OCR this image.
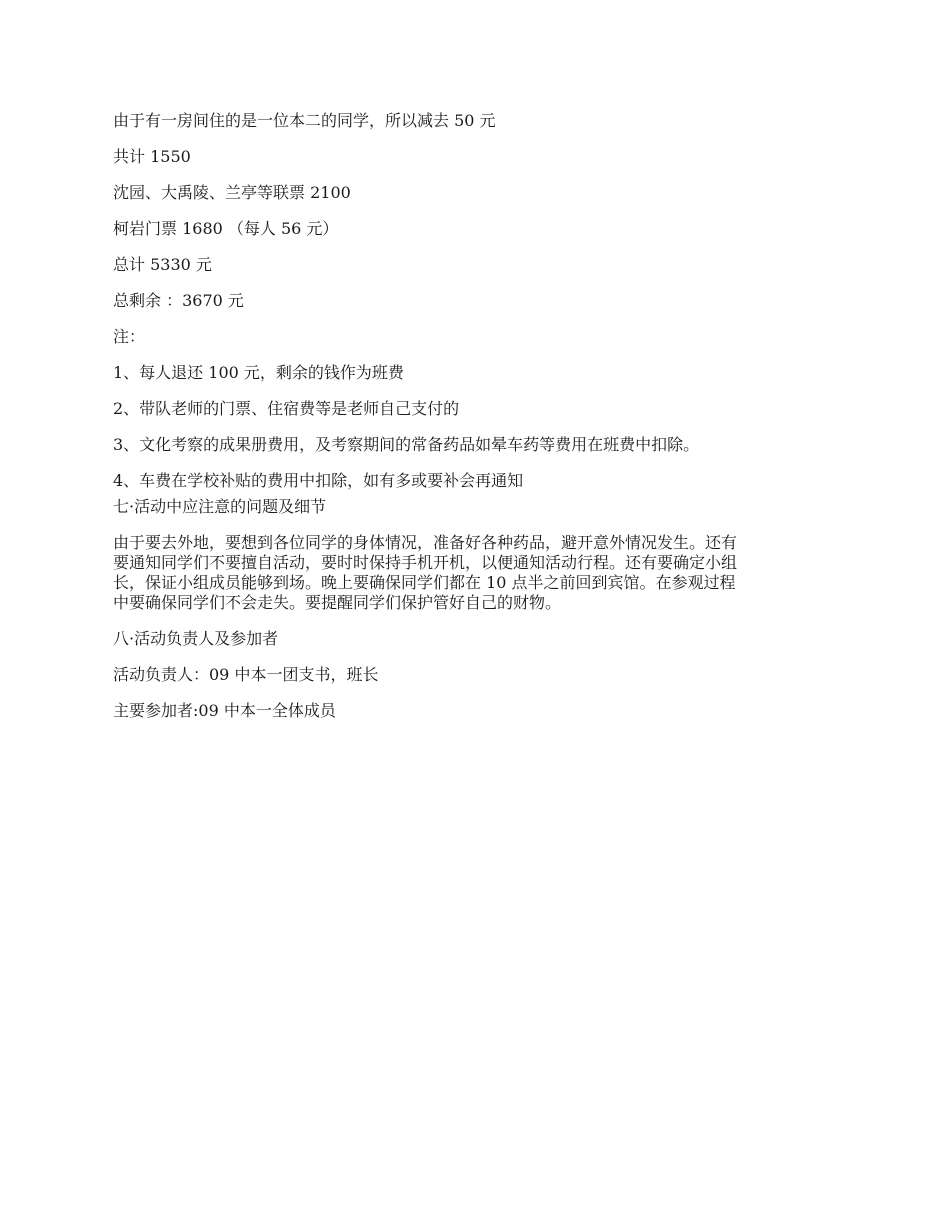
由于有一房间住的是一位本二的同学，所以减去 50 元

共计 1550

沈园、大禹陵、兰亭等联票 2100

柯岩门票 1680 （每人 56 元）

总计 5330 元

总剩余 ：3670 元

注：

1、每人退还 100 元，剩余的钱作为班费

2、带队老师的门票、住宿费等是老师自己支付的

3、文化考察的成果册费用，及考察期间的常备药品如晕车药等费用在班费中扣除。

4、车费在学校补贴的费用中扣除，如有多或要补会再通知

七·活动中应注意的问题及细节

由于要去外地，要想到各位同学的身体情况，准备好各种药品，避开意外情况发生。还有
要通知同学们不要擅自活动，要时时保持手机开机，以便通知活动行程。还有要确定小组
长，保证小组成员能够到场。晚上要确保同学们都在 10 点半之前回到宾馆。在参观过程
中要确保同学们不会走失。要提醒同学们保护管好自己的财物。

八·活动负责人及参加者

活动负责人：09 中本一团支书，班长

主要参加者:09 中本一全体成员
